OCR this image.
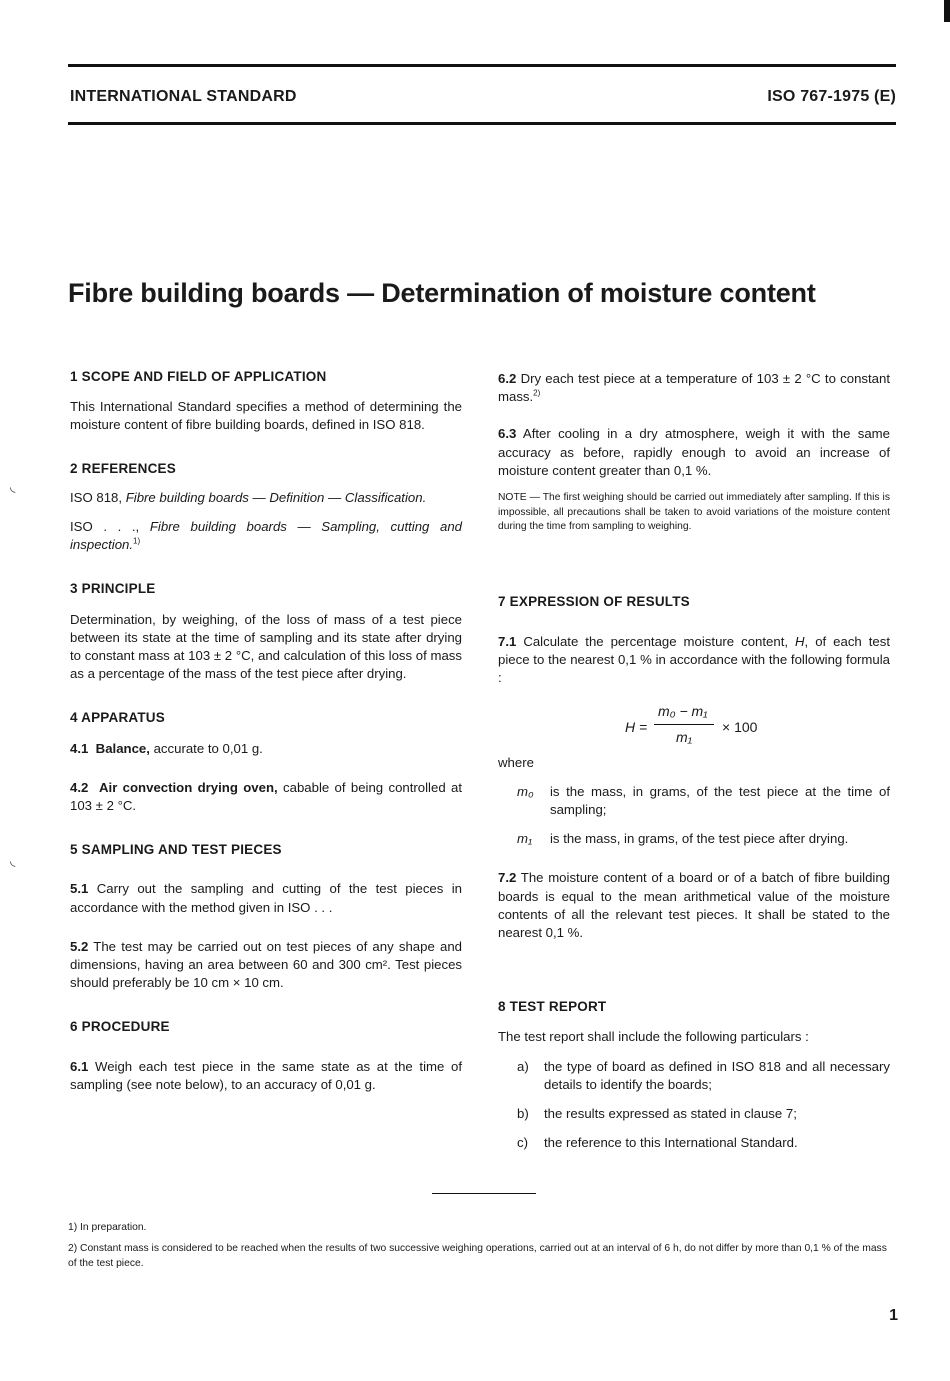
INTERNATIONAL STANDARD	ISO 767-1975 (E)
Fibre building boards — Determination of moisture content
◟
◟

1 SCOPE AND FIELD OF APPLICATION

This International Standard specifies a method of determining the moisture content of fibre building boards, defined in ISO 818.

2 REFERENCES

ISO 818, Fibre building boards — Definition — Classification.

ISO . . ., Fibre building boards — Sampling, cutting and inspection.$^{1)}$

3 PRINCIPLE

Determination, by weighing, of the loss of mass of a test piece between its state at the time of sampling and its state after drying to constant mass at 103 ± 2 °C, and calculation of this loss of mass as a percentage of the mass of the test piece after drying.

4 APPARATUS

4.1 Balance, accurate to 0,01 g.

4.2 Air convection drying oven, cabable of being controlled at 103 ± 2 °C.

5 SAMPLING AND TEST PIECES

5.1 Carry out the sampling and cutting of the test pieces in accordance with the method given in ISO . . .

5.2 The test may be carried out on test pieces of any shape and dimensions, having an area between 60 and 300 cm². Test pieces should preferably be 10 cm × 10 cm.

6 PROCEDURE

6.1 Weigh each test piece in the same state as at the time of sampling (see note below), to an accuracy of 0,01 g.

6.2 Dry each test piece at a temperature of 103 ± 2 °C to constant mass.$^{2)}$

6.3 After cooling in a dry atmosphere, weigh it with the same accuracy as before, rapidly enough to avoid an increase of moisture content greater than 0,1 %.

NOTE — The first weighing should be carried out immediately after sampling. If this is impossible, all precautions shall be taken to avoid variations of the moisture content during the time from sampling to weighing.

7 EXPRESSION OF RESULTS

7.1 Calculate the percentage moisture content, H, of each test piece to the nearest 0,1 % in accordance with the following formula :

H =
m₀ − m₁
m₁
× 100

where

m₀	is the mass, in grams, of the test piece at the time of sampling;
m₁	is the mass, in grams, of the test piece after drying.

7.2 The moisture content of a board or of a batch of fibre building boards is equal to the mean arithmetical value of the moisture contents of all the relevant test pieces. It shall be stated to the nearest 0,1 %.

8 TEST REPORT

The test report shall include the following particulars :

a)	the type of board as defined in ISO 818 and all necessary details to identify the boards;
b)	the results expressed as stated in clause 7;
c)	the reference to this International Standard.
1) In preparation.
2) Constant mass is considered to be reached when the results of two successive weighing operations, carried out at an interval of 6 h, do not differ by more than 0,1 % of the mass of the test piece.
1
